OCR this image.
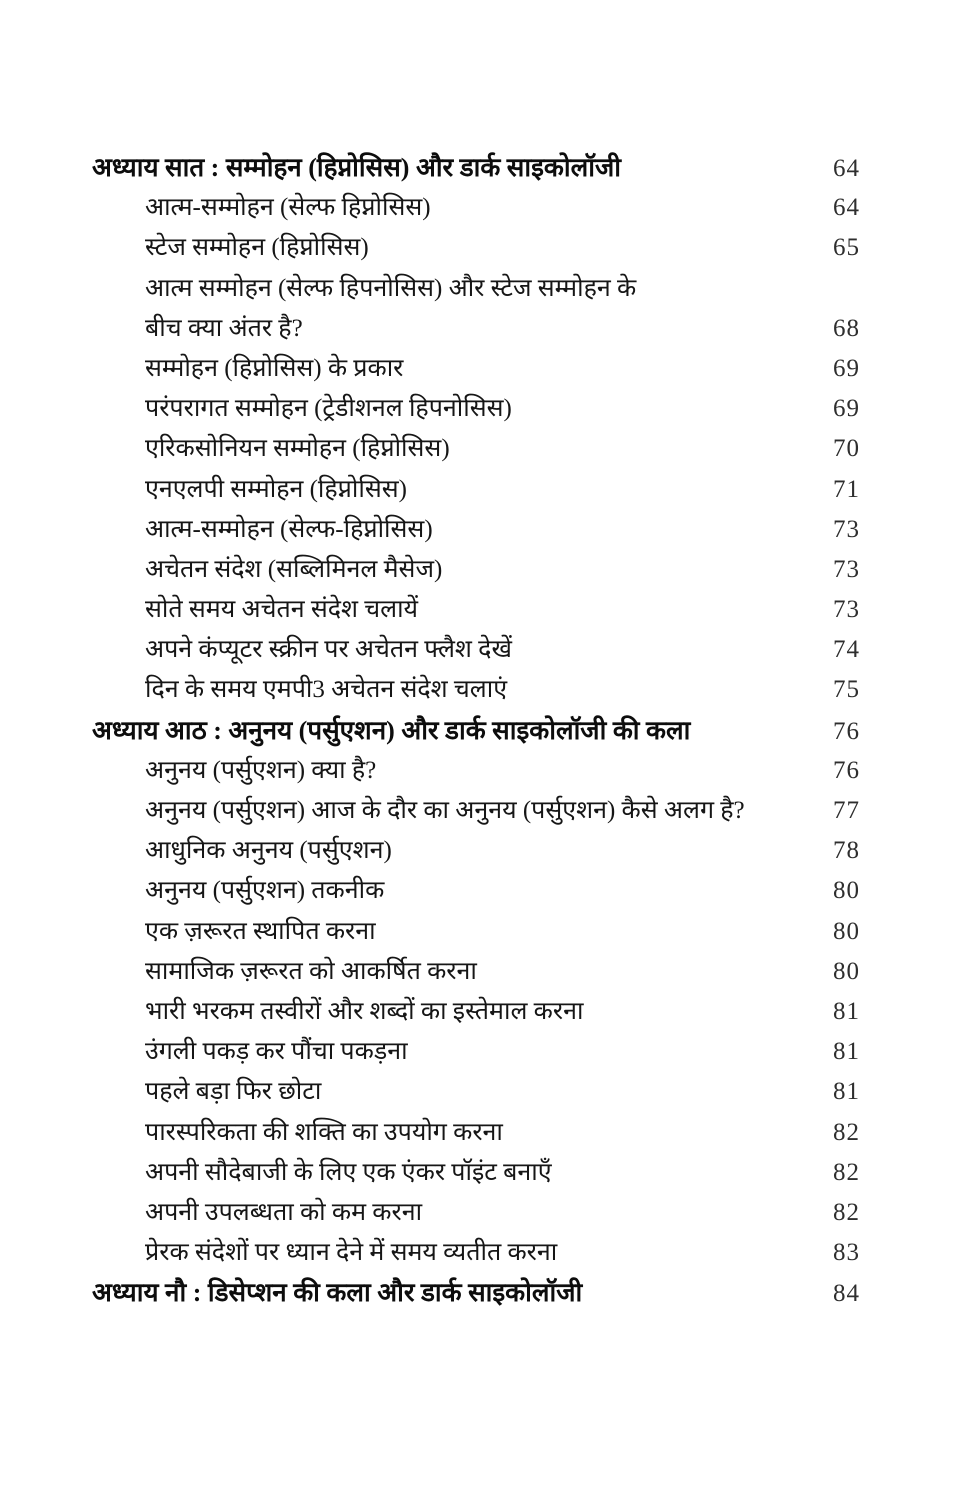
अध्याय सात : सम्मोहन (हिप्नोसिस) और डार्क साइकोलॉजी	64
आत्म-सम्मोहन (सेल्फ हिप्नोसिस)	64
स्टेज सम्मोहन (हिप्नोसिस)	65
आत्म सम्मोहन (सेल्फ हिपनोसिस) और स्टेज सम्मोहन के
बीच क्या अंतर है?	68
सम्मोहन (हिप्नोसिस) के प्रकार	69
परंपरागत सम्मोहन (ट्रेडीशनल हिपनोसिस)	69
एरिकसोनियन सम्मोहन (हिप्नोसिस)	70
एनएलपी सम्मोहन (हिप्नोसिस)	71
आत्म-सम्मोहन (सेल्फ-हिप्नोसिस)	73
अचेतन संदेश (सब्लिमिनल मैसेज)	73
सोते समय अचेतन संदेश चलायें	73
अपने कंप्यूटर स्क्रीन पर अचेतन फ्लैश देखें	74
दिन के समय एमपी3 अचेतन संदेश चलाएं	75
अध्याय आठ : अनुनय (पर्सुएशन) और डार्क साइकोलॉजी की कला	76
अनुनय (पर्सुएशन) क्या है?	76
अनुनय (पर्सुएशन) आज के दौर का अनुनय (पर्सुएशन) कैसे अलग है?	77
आधुनिक अनुनय (पर्सुएशन)	78
अनुनय (पर्सुएशन) तकनीक	80
एक ज़रूरत स्थापित करना	80
सामाजिक ज़रूरत को आकर्षित करना	80
भारी भरकम तस्वीरों और शब्दों का इस्तेमाल करना	81
उंगली पकड़ कर पौंचा पकड़ना	81
पहले बड़ा फिर छोटा	81
पारस्परिकता की शक्ति का उपयोग करना	82
अपनी सौदेबाजी के लिए एक एंकर पॉइंट बनाएँ	82
अपनी उपलब्धता को कम करना	82
प्रेरक संदेशों पर ध्यान देने में समय व्यतीत करना	83
अध्याय नौ : डिसेप्शन की कला और डार्क साइकोलॉजी	84
